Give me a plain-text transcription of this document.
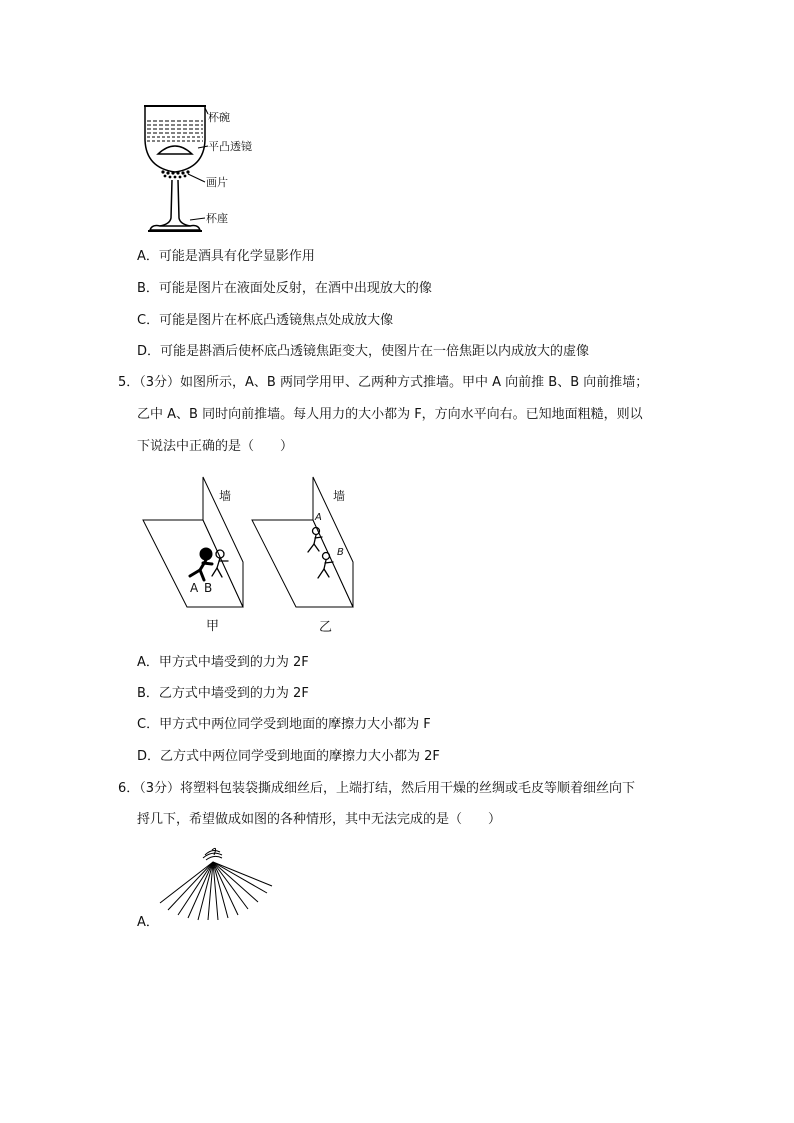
杯碗
平凸透镜
画片
杯座
A．可能是酒具有化学显影作用
B．可能是图片在液面处反射，在酒中出现放大的像
C．可能是图片在杯底凸透镜焦点处成放大像
D．可能是斟酒后使杯底凸透镜焦距变大，使图片在一倍焦距以内成放大的虚像
5．（3分）如图所示，A、B 两同学用甲、乙两种方式推墙。甲中 A 向前推 B、B 向前推墙；
乙中 A、B 同时向前推墙。每人用力的大小都为 F，方向水平向右。已知地面粗糙，则以
下说法中正确的是（　　）
墙	墙
A B
A
B
甲	乙
A．甲方式中墙受到的力为 2F
B．乙方式中墙受到的力为 2F
C．甲方式中两位同学受到地面的摩擦力大小都为 F
D．乙方式中两位同学受到地面的摩擦力大小都为 2F
6．（3分）将塑料包装袋撕成细丝后，上端打结，然后用干燥的丝绸或毛皮等顺着细丝向下
捋几下，希望做成如图的各种情形，其中无法完成的是（　　）
A．
